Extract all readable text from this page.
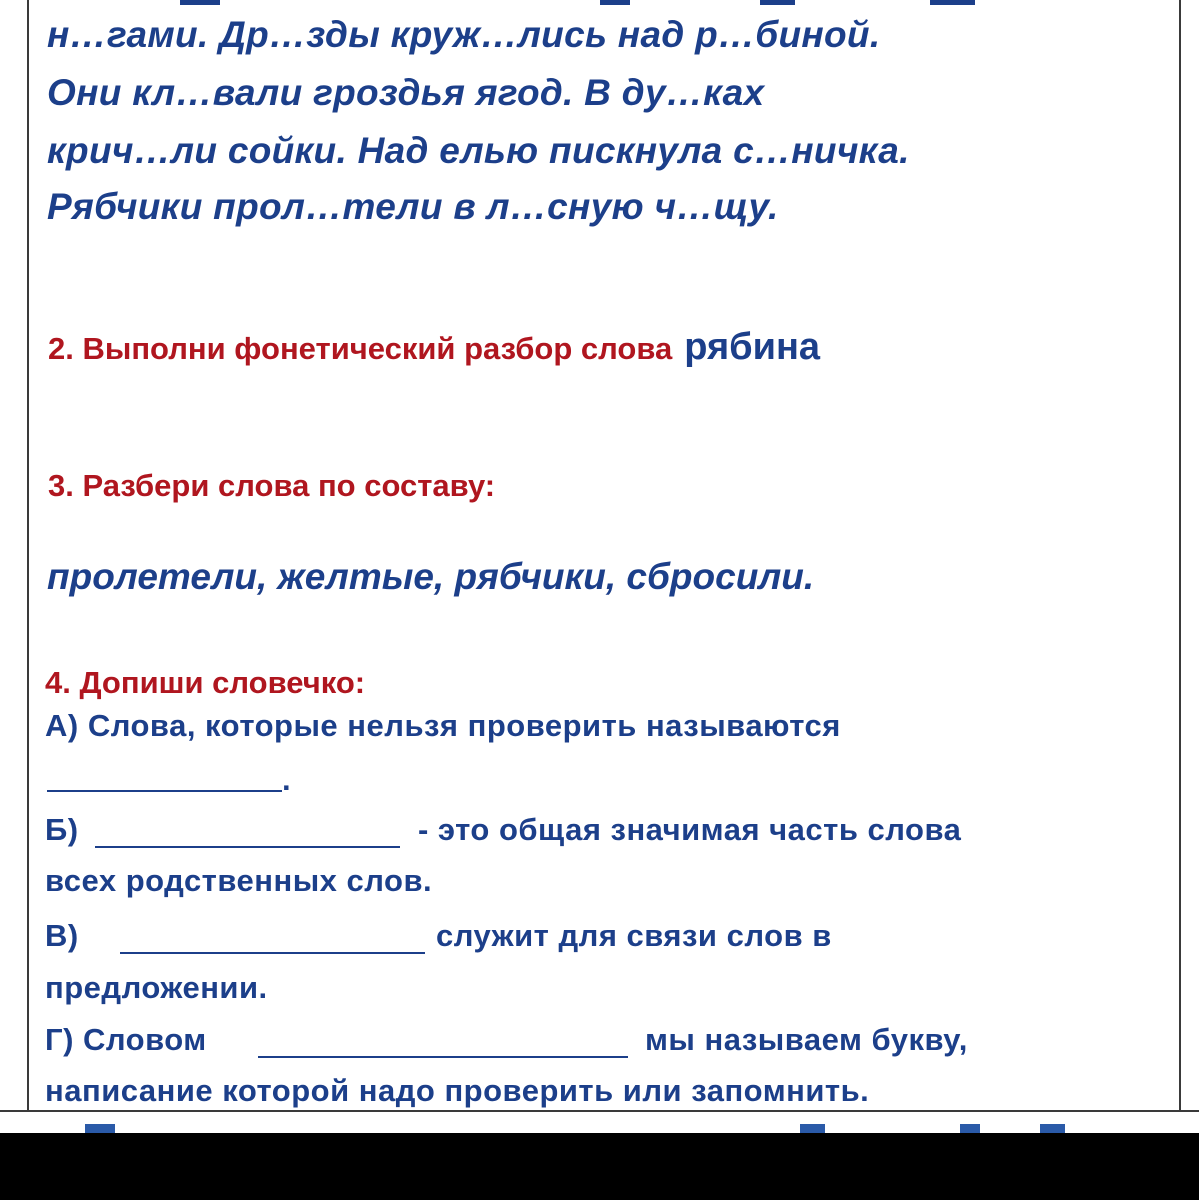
н…гами. Др…зды круж…лись над р…биной.
Они кл…вали гроздья ягод. В ду…ках
крич…ли сойки. Над елью пискнула с…ничка.
Рябчики прол…тели в л…сную ч…щу.
2. Выполни фонетический разбор слова рябина
3. Разбери слова по составу:
пролетели, желтые, рябчики, сбросили.
4. Допиши словечко:
А) Слова, которые нельзя проверить называются
.
Б)	- это общая значимая часть слова
всех родственных слов.
В)	служит для связи слов в
предложении.
Г) Словом	мы называем букву,
написание которой надо проверить или запомнить.
